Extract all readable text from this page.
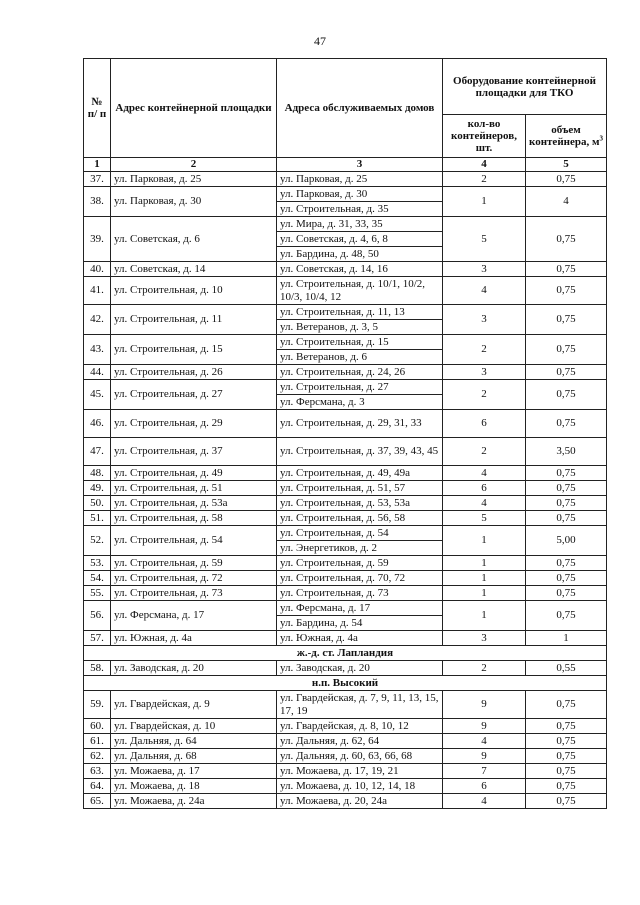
47
№ п/ п	Адрес контейнерной площадки	Адреса обслуживаемых домов	Оборудование контейнерной площадки для ТКО	
			кол-во контейнеров, шт.	объем контейнера, $м^3$
1	2	3	4	5
37.	ул. Парковая, д. 25	ул. Парковая, д. 25	2	0,75
38.	ул. Парковая, д. 30	ул. Парковая, д. 30	1	4
		ул. Строительная, д. 35		
39.	ул. Советская, д. 6	ул. Мира, д. 31, 33, 35	5	0,75
		ул. Советская, д. 4, 6, 8		
		ул. Бардина, д. 48, 50		
40.	ул. Советская, д. 14	ул. Советская, д. 14, 16	3	0,75
41.	ул. Строительная, д. 10	ул. Строительная, д. 10/1, 10/2, 10/3, 10/4, 12	4	0,75
42.	ул. Строительная, д. 11	ул. Строительная, д. 11, 13	3	0,75
		ул. Ветеранов, д. 3, 5		
43.	ул. Строительная, д. 15	ул. Строительная, д. 15	2	0,75
		ул. Ветеранов, д. 6		
44.	ул. Строительная, д. 26	ул. Строительная, д. 24, 26	3	0,75
45.	ул. Строительная, д. 27	ул. Строительная, д. 27	2	0,75
		ул. Ферсмана, д. 3		
46.	ул. Строительная, д. 29	ул. Строительная, д. 29, 31, 33	6	0,75
47.	ул. Строительная, д. 37	ул. Строительная, д. 37, 39, 43, 45	2	3,50
48.	ул. Строительная, д. 49	ул. Строительная, д. 49, 49а	4	0,75
49.	ул. Строительная, д. 51	ул. Строительная, д. 51, 57	6	0,75
50.	ул. Строительная, д. 53а	ул. Строительная, д. 53, 53а	4	0,75
51.	ул. Строительная, д. 58	ул. Строительная, д. 56, 58	5	0,75
52.	ул. Строительная, д. 54	ул. Строительная, д. 54	1	5,00
		ул. Энергетиков, д. 2		
53.	ул. Строительная, д. 59	ул. Строительная, д. 59	1	0,75
54.	ул. Строительная, д. 72	ул. Строительная, д. 70, 72	1	0,75
55.	ул. Строительная, д. 73	ул. Строительная, д. 73	1	0,75
56.	ул. Ферсмана, д. 17	ул. Ферсмана, д. 17	1	0,75
		ул. Бардина, д. 54		
57.	ул. Южная, д. 4а	ул. Южная, д. 4а	3	1
ж.-д. ст. Лапландия				
58.	ул. Заводская, д. 20	ул. Заводская, д. 20	2	0,55
н.п. Высокий				
59.	ул. Гвардейская, д. 9	ул. Гвардейская, д. 7, 9, 11, 13, 15, 17, 19	9	0,75
60.	ул. Гвардейская, д. 10	ул. Гвардейская, д. 8, 10, 12	9	0,75
61.	ул. Дальняя, д. 64	ул. Дальняя, д. 62, 64	4	0,75
62.	ул. Дальняя, д. 68	ул. Дальняя, д. 60, 63, 66, 68	9	0,75
63.	ул. Можаева, д. 17	ул. Можаева, д. 17, 19, 21	7	0,75
64.	ул. Можаева, д. 18	ул. Можаева, д. 10, 12, 14, 18	6	0,75
65.	ул. Можаева, д. 24а	ул. Можаева, д. 20, 24а	4	0,75
